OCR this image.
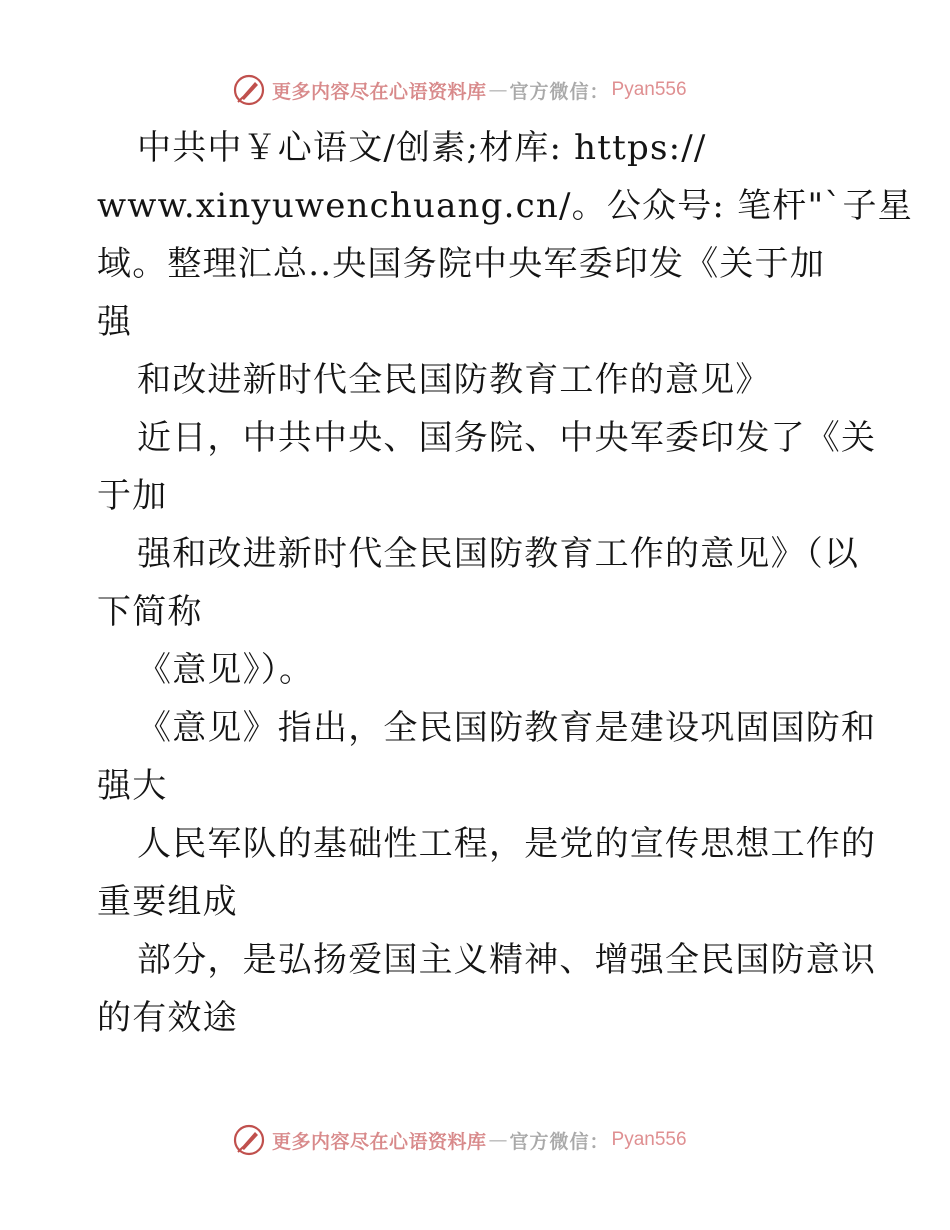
更多内容尽在心语资料库 — 官方微信： Pyan556
中共中￥心语文/创素;材库: https://
www.xinyuwenchuang.cn/。公众号: 笔杆"`子星
域。整理汇总..央国务院中央军委印发《关于加
强
和改进新时代全民国防教育工作的意见》
近日，中共中央、国务院、中央军委印发了《关
于加
强和改进新时代全民国防教育工作的意见》（以
下简称
《意见》）。
《意见》指出，全民国防教育是建设巩固国防和
强大
人民军队的基础性工程，是党的宣传思想工作的
重要组成
部分，是弘扬爱国主义精神、增强全民国防意识
的有效途
更多内容尽在心语资料库 — 官方微信： Pyan556
